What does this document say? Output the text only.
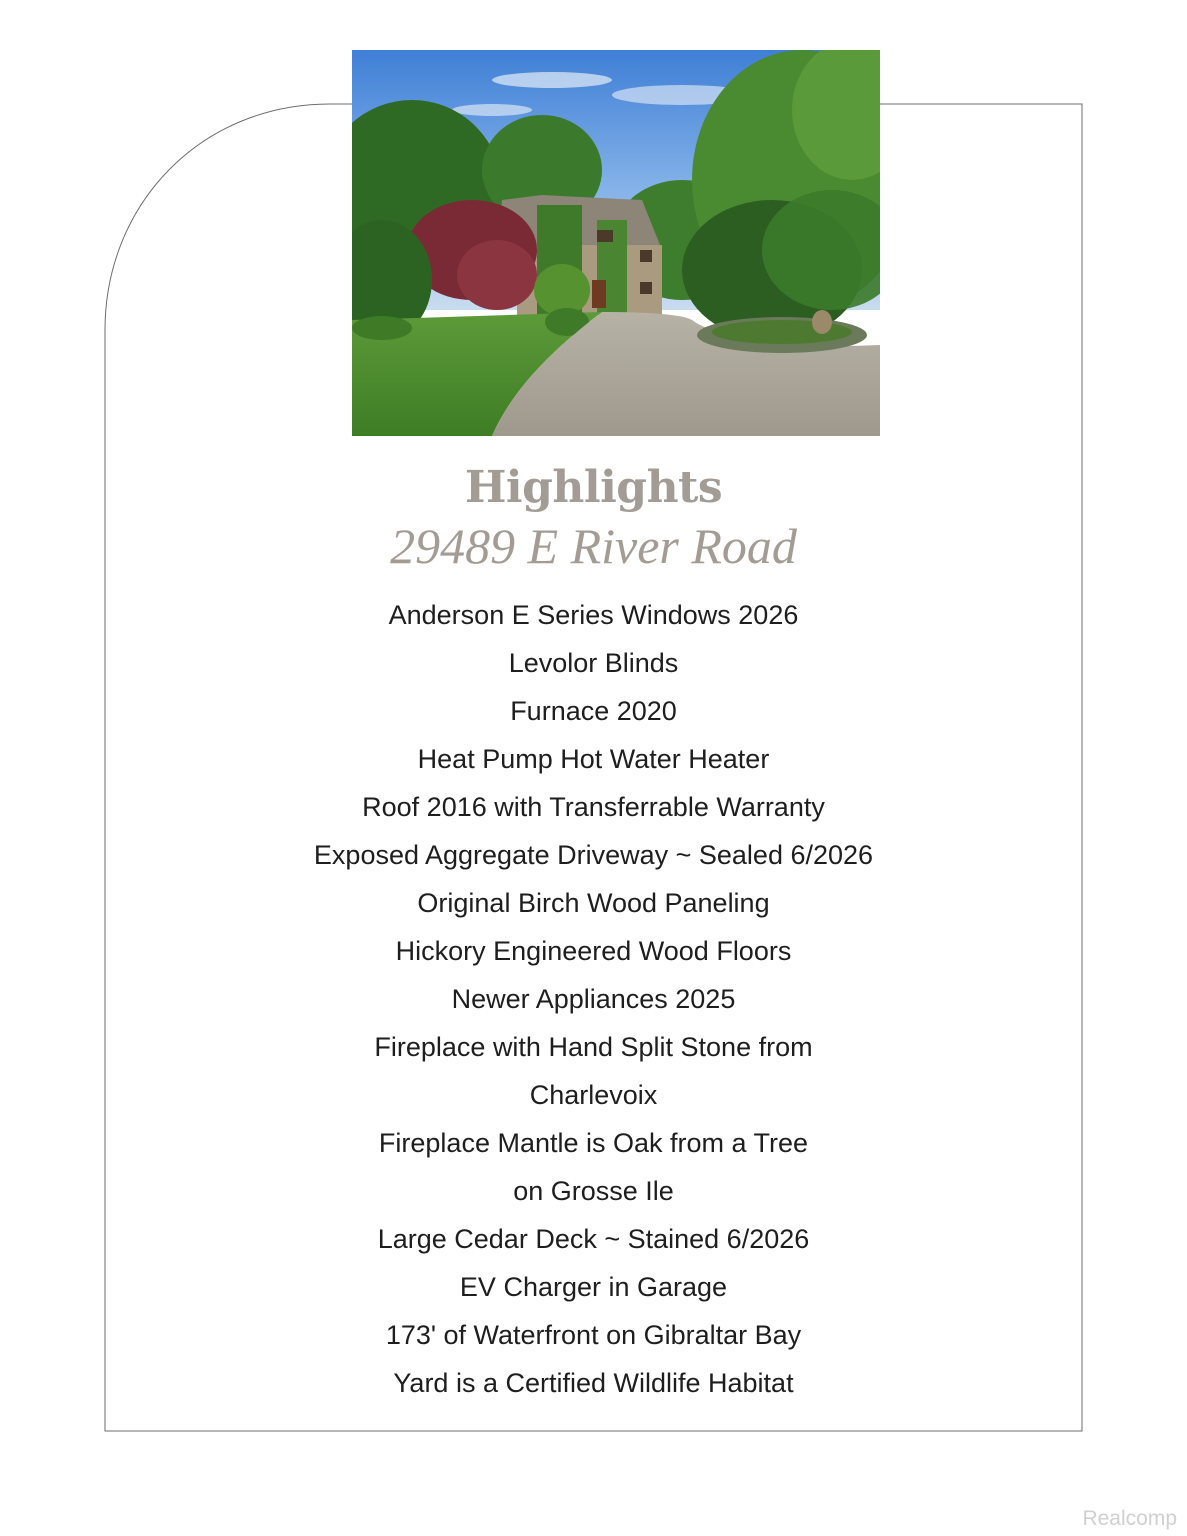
Highlights
29489 E River Road
Anderson E Series Windows 2026
Levolor Blinds
Furnace 2020
Heat Pump Hot Water Heater
Roof 2016 with Transferrable Warranty
Exposed Aggregate Driveway ~ Sealed 6/2026
Original Birch Wood Paneling
Hickory Engineered Wood Floors
Newer Appliances 2025
Fireplace with Hand Split Stone from
Charlevoix
Fireplace Mantle is Oak from a Tree
on Grosse Ile
Large Cedar Deck ~ Stained 6/2026
EV Charger in Garage
173' of Waterfront on Gibraltar Bay
Yard is a Certified Wildlife Habitat
Realcomp
